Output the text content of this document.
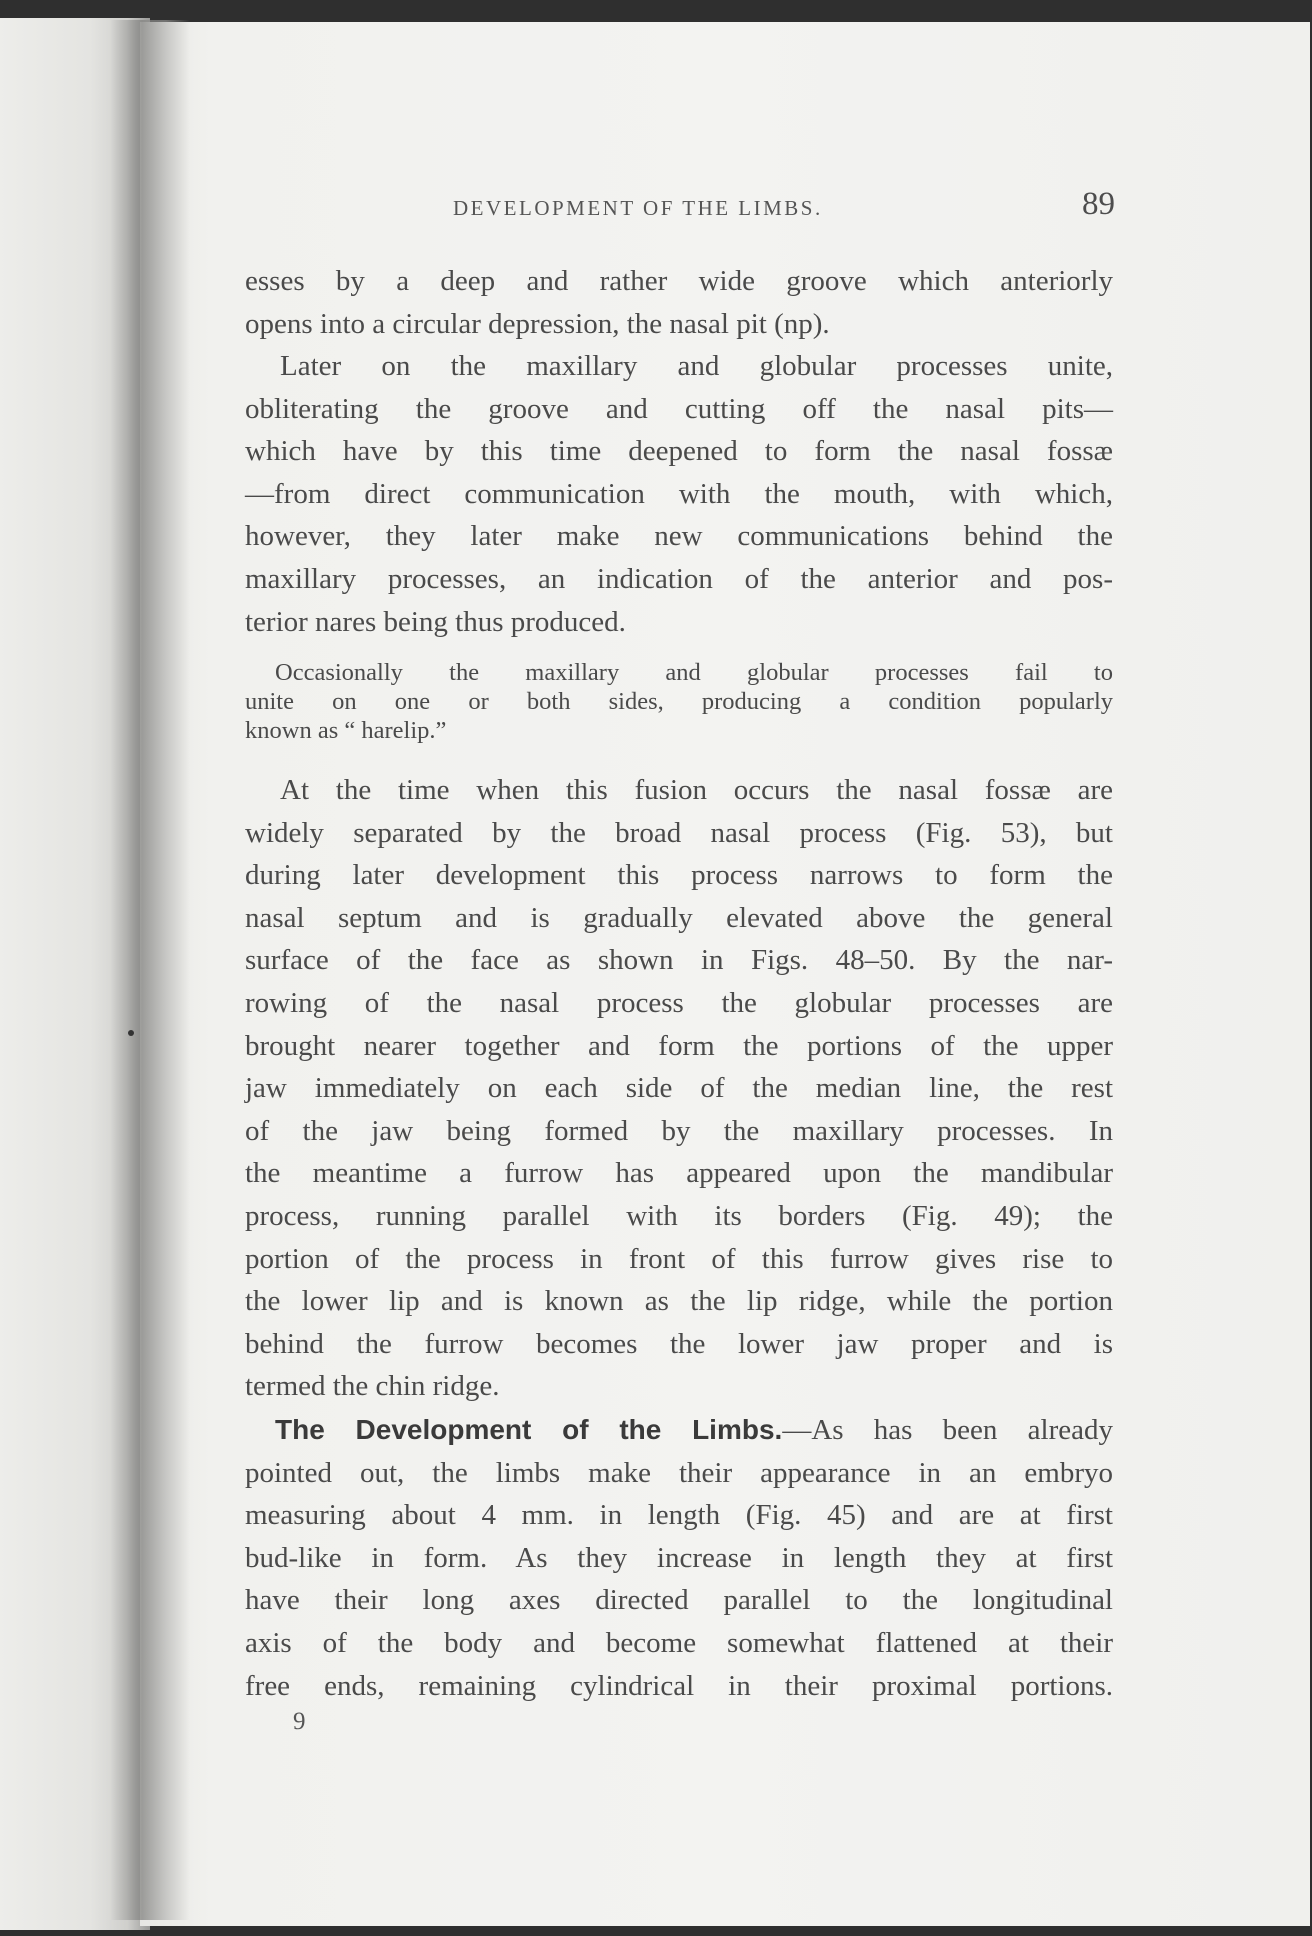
DEVELOPMENT OF THE LIMBS.	89
esses by a deep and rather wide groove which anteriorly
opens into a circular depression, the nasal pit (np).
Later on the maxillary and globular processes unite,
obliterating the groove and cutting off the nasal pits—
which have by this time deepened to form the nasal fossæ
—from direct communication with the mouth, with which,
however, they later make new communications behind the
maxillary processes, an indication of the anterior and pos-
terior nares being thus produced.
Occasionally the maxillary and globular processes fail to
unite on one or both sides, producing a condition popularly
known as “ harelip.”
At the time when this fusion occurs the nasal fossæ are
widely separated by the broad nasal process (Fig. 53), but
during later development this process narrows to form the
nasal septum and is gradually elevated above the general
surface of the face as shown in Figs. 48–50. By the nar-
rowing of the nasal process the globular processes are
brought nearer together and form the portions of the upper
jaw immediately on each side of the median line, the rest
of the jaw being formed by the maxillary processes. In
the meantime a furrow has appeared upon the mandibular
process, running parallel with its borders (Fig. 49); the
portion of the process in front of this furrow gives rise to
the lower lip and is known as the lip ridge, while the portion
behind the furrow becomes the lower jaw proper and is
termed the chin ridge.
The Development of the Limbs.—As has been already
pointed out, the limbs make their appearance in an embryo
measuring about 4 mm. in length (Fig. 45) and are at first
bud-like in form. As they increase in length they at first
have their long axes directed parallel to the longitudinal
axis of the body and become somewhat flattened at their
free ends, remaining cylindrical in their proximal portions.
9
